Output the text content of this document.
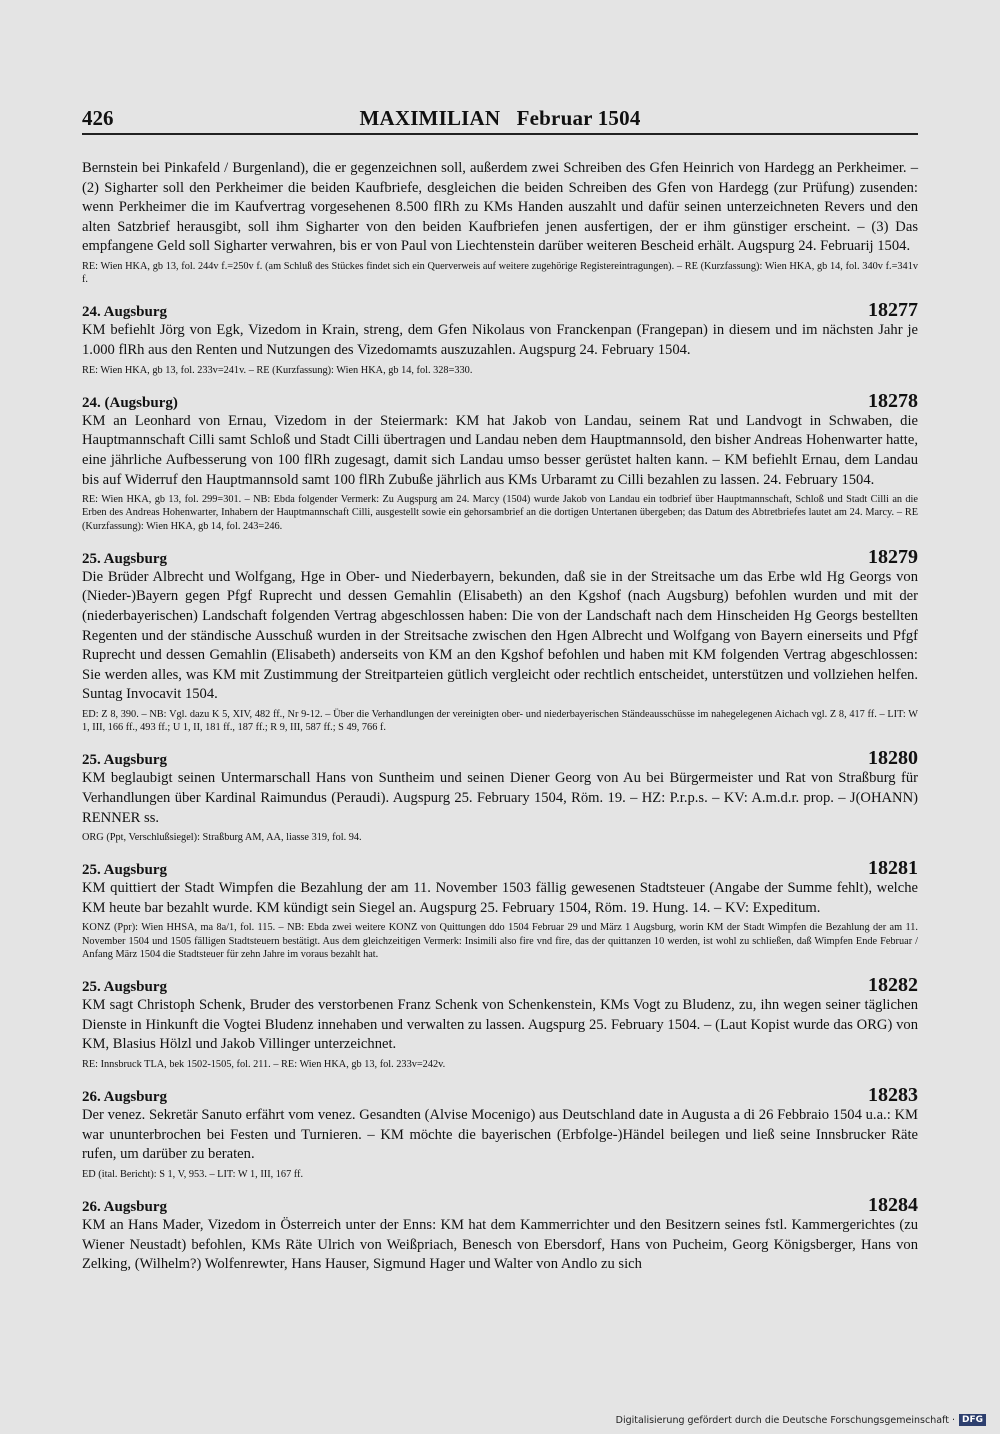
426	MAXIMILIAN   Februar 1504

Bernstein bei Pinkafeld / Burgenland), die er gegenzeichnen soll, außerdem zwei Schreiben des Gfen Heinrich von Hardegg an Perkheimer. – (2) Sigharter soll den Perkheimer die beiden Kaufbriefe, desgleichen die beiden Schreiben des Gfen von Hardegg (zur Prüfung) zusenden: wenn Perkheimer die im Kaufvertrag vorgesehenen 8.500 flRh zu KMs Handen auszahlt und dafür seinen unterzeichneten Revers und den alten Satzbrief herausgibt, soll ihm Sigharter von den beiden Kaufbriefen jenen ausfertigen, der er ihm günstiger erscheint. – (3) Das empfangene Geld soll Sigharter verwahren, bis er von Paul von Liechtenstein darüber weiteren Bescheid erhält. Augspurg 24. Februarij 1504.

RE: Wien HKA, gb 13, fol. 244v f.=250v f. (am Schluß des Stückes findet sich ein Querverweis auf weitere zugehörige Registereintragungen). – RE (Kurzfassung): Wien HKA, gb 14, fol. 340v f.=341v f.

24. Augsburg	18277

KM befiehlt Jörg von Egk, Vizedom in Krain, streng, dem Gfen Nikolaus von Franckenpan (Frangepan) in diesem und im nächsten Jahr je 1.000 flRh aus den Renten und Nutzungen des Vizedomamts auszuzahlen. Augspurg 24. February 1504.

RE: Wien HKA, gb 13, fol. 233v=241v. – RE (Kurzfassung): Wien HKA, gb 14, fol. 328=330.

24. (Augsburg)	18278

KM an Leonhard von Ernau, Vizedom in der Steiermark: KM hat Jakob von Landau, seinem Rat und Landvogt in Schwaben, die Hauptmannschaft Cilli samt Schloß und Stadt Cilli übertragen und Landau neben dem Hauptmannsold, den bisher Andreas Hohenwarter hatte, eine jährliche Aufbesserung von 100 flRh zugesagt, damit sich Landau umso besser gerüstet halten kann. – KM befiehlt Ernau, dem Landau bis auf Widerruf den Hauptmannsold samt 100 flRh Zubuße jährlich aus KMs Urbaramt zu Cilli bezahlen zu lassen. 24. February 1504.

RE: Wien HKA, gb 13, fol. 299=301. – NB: Ebda folgender Vermerk: Zu Augspurg am 24. Marcy (1504) wurde Jakob von Landau ein todbrief über Hauptmannschaft, Schloß und Stadt Cilli an die Erben des Andreas Hohenwarter, Inhabern der Hauptmannschaft Cilli, ausgestellt sowie ein gehorsambrief an die dortigen Untertanen übergeben; das Datum des Abtretbriefes lautet am 24. Marcy. – RE (Kurzfassung): Wien HKA, gb 14, fol. 243=246.

25. Augsburg	18279

Die Brüder Albrecht und Wolfgang, Hge in Ober- und Niederbayern, bekunden, daß sie in der Streitsache um das Erbe wld Hg Georgs von (Nieder-)Bayern gegen Pfgf Ruprecht und dessen Gemahlin (Elisabeth) an den Kgshof (nach Augsburg) befohlen wurden und mit der (niederbayerischen) Landschaft folgenden Vertrag abgeschlossen haben: Die von der Landschaft nach dem Hinscheiden Hg Georgs bestellten Regenten und der ständische Ausschuß wurden in der Streitsache zwischen den Hgen Albrecht und Wolfgang von Bayern einerseits und Pfgf Ruprecht und dessen Gemahlin (Elisabeth) anderseits von KM an den Kgshof befohlen und haben mit KM folgenden Vertrag abgeschlossen: Sie werden alles, was KM mit Zustimmung der Streitparteien gütlich vergleicht oder rechtlich entscheidet, unterstützen und vollziehen helfen. Suntag Invocavit 1504.

ED: Z 8, 390. – NB: Vgl. dazu K 5, XIV, 482 ff., Nr 9-12. – Über die Verhandlungen der vereinigten ober- und niederbayerischen Ständeausschüsse im nahegelegenen Aichach vgl. Z 8, 417 ff. – LIT: W 1, III, 166 ff., 493 ff.; U 1, II, 181 ff., 187 ff.; R 9, III, 587 ff.; S 49, 766 f.

25. Augsburg	18280

KM beglaubigt seinen Untermarschall Hans von Suntheim und seinen Diener Georg von Au bei Bürgermeister und Rat von Straßburg für Verhandlungen über Kardinal Raimundus (Peraudi). Augspurg 25. February 1504, Röm. 19. – HZ: P.r.p.s. – KV: A.m.d.r. prop. – J(OHANN) RENNER ss.

ORG (Ppt, Verschlußsiegel): Straßburg AM, AA, liasse 319, fol. 94.

25. Augsburg	18281

KM quittiert der Stadt Wimpfen die Bezahlung der am 11. November 1503 fällig gewesenen Stadtsteuer (Angabe der Summe fehlt), welche KM heute bar bezahlt wurde. KM kündigt sein Siegel an. Augspurg 25. February 1504, Röm. 19. Hung. 14. – KV: Expeditum.

KONZ (Ppr): Wien HHSA, ma 8a/1, fol. 115. – NB: Ebda zwei weitere KONZ von Quittungen ddo 1504 Februar 29 und März 1 Augsburg, worin KM der Stadt Wimpfen die Bezahlung der am 11. November 1504 und 1505 fälligen Stadtsteuern bestätigt. Aus dem gleichzeitigen Vermerk: Insimili also fire vnd fire, das der quittanzen 10 werden, ist wohl zu schließen, daß Wimpfen Ende Februar / Anfang März 1504 die Stadtsteuer für zehn Jahre im voraus bezahlt hat.

25. Augsburg	18282

KM sagt Christoph Schenk, Bruder des verstorbenen Franz Schenk von Schenkenstein, KMs Vogt zu Bludenz, zu, ihn wegen seiner täglichen Dienste in Hinkunft die Vogtei Bludenz innehaben und verwalten zu lassen. Augspurg 25. February 1504. – (Laut Kopist wurde das ORG) von KM, Blasius Hölzl und Jakob Villinger unterzeichnet.

RE: Innsbruck TLA, bek 1502-1505, fol. 211. – RE: Wien HKA, gb 13, fol. 233v=242v.

26. Augsburg	18283

Der venez. Sekretär Sanuto erfährt vom venez. Gesandten (Alvise Mocenigo) aus Deutschland date in Augusta a di 26 Febbraio 1504 u.a.: KM war ununterbrochen bei Festen und Turnieren. – KM möchte die bayerischen (Erbfolge-)Händel beilegen und ließ seine Innsbrucker Räte rufen, um darüber zu beraten.

ED (ital. Bericht): S 1, V, 953. – LIT: W 1, III, 167 ff.

26. Augsburg	18284

KM an Hans Mader, Vizedom in Österreich unter der Enns: KM hat dem Kammerrichter und den Besitzern seines fstl. Kammergerichtes (zu Wiener Neustadt) befohlen, KMs Räte Ulrich von Weißpriach, Benesch von Ebersdorf, Hans von Pucheim, Georg Königsberger, Hans von Zelking, (Wilhelm?) Wolfenrewter, Hans Hauser, Sigmund Hager und Walter von Andlo zu sich

Digitalisierung gefördert durch die Deutsche Forschungsgemeinschaft · DFG
